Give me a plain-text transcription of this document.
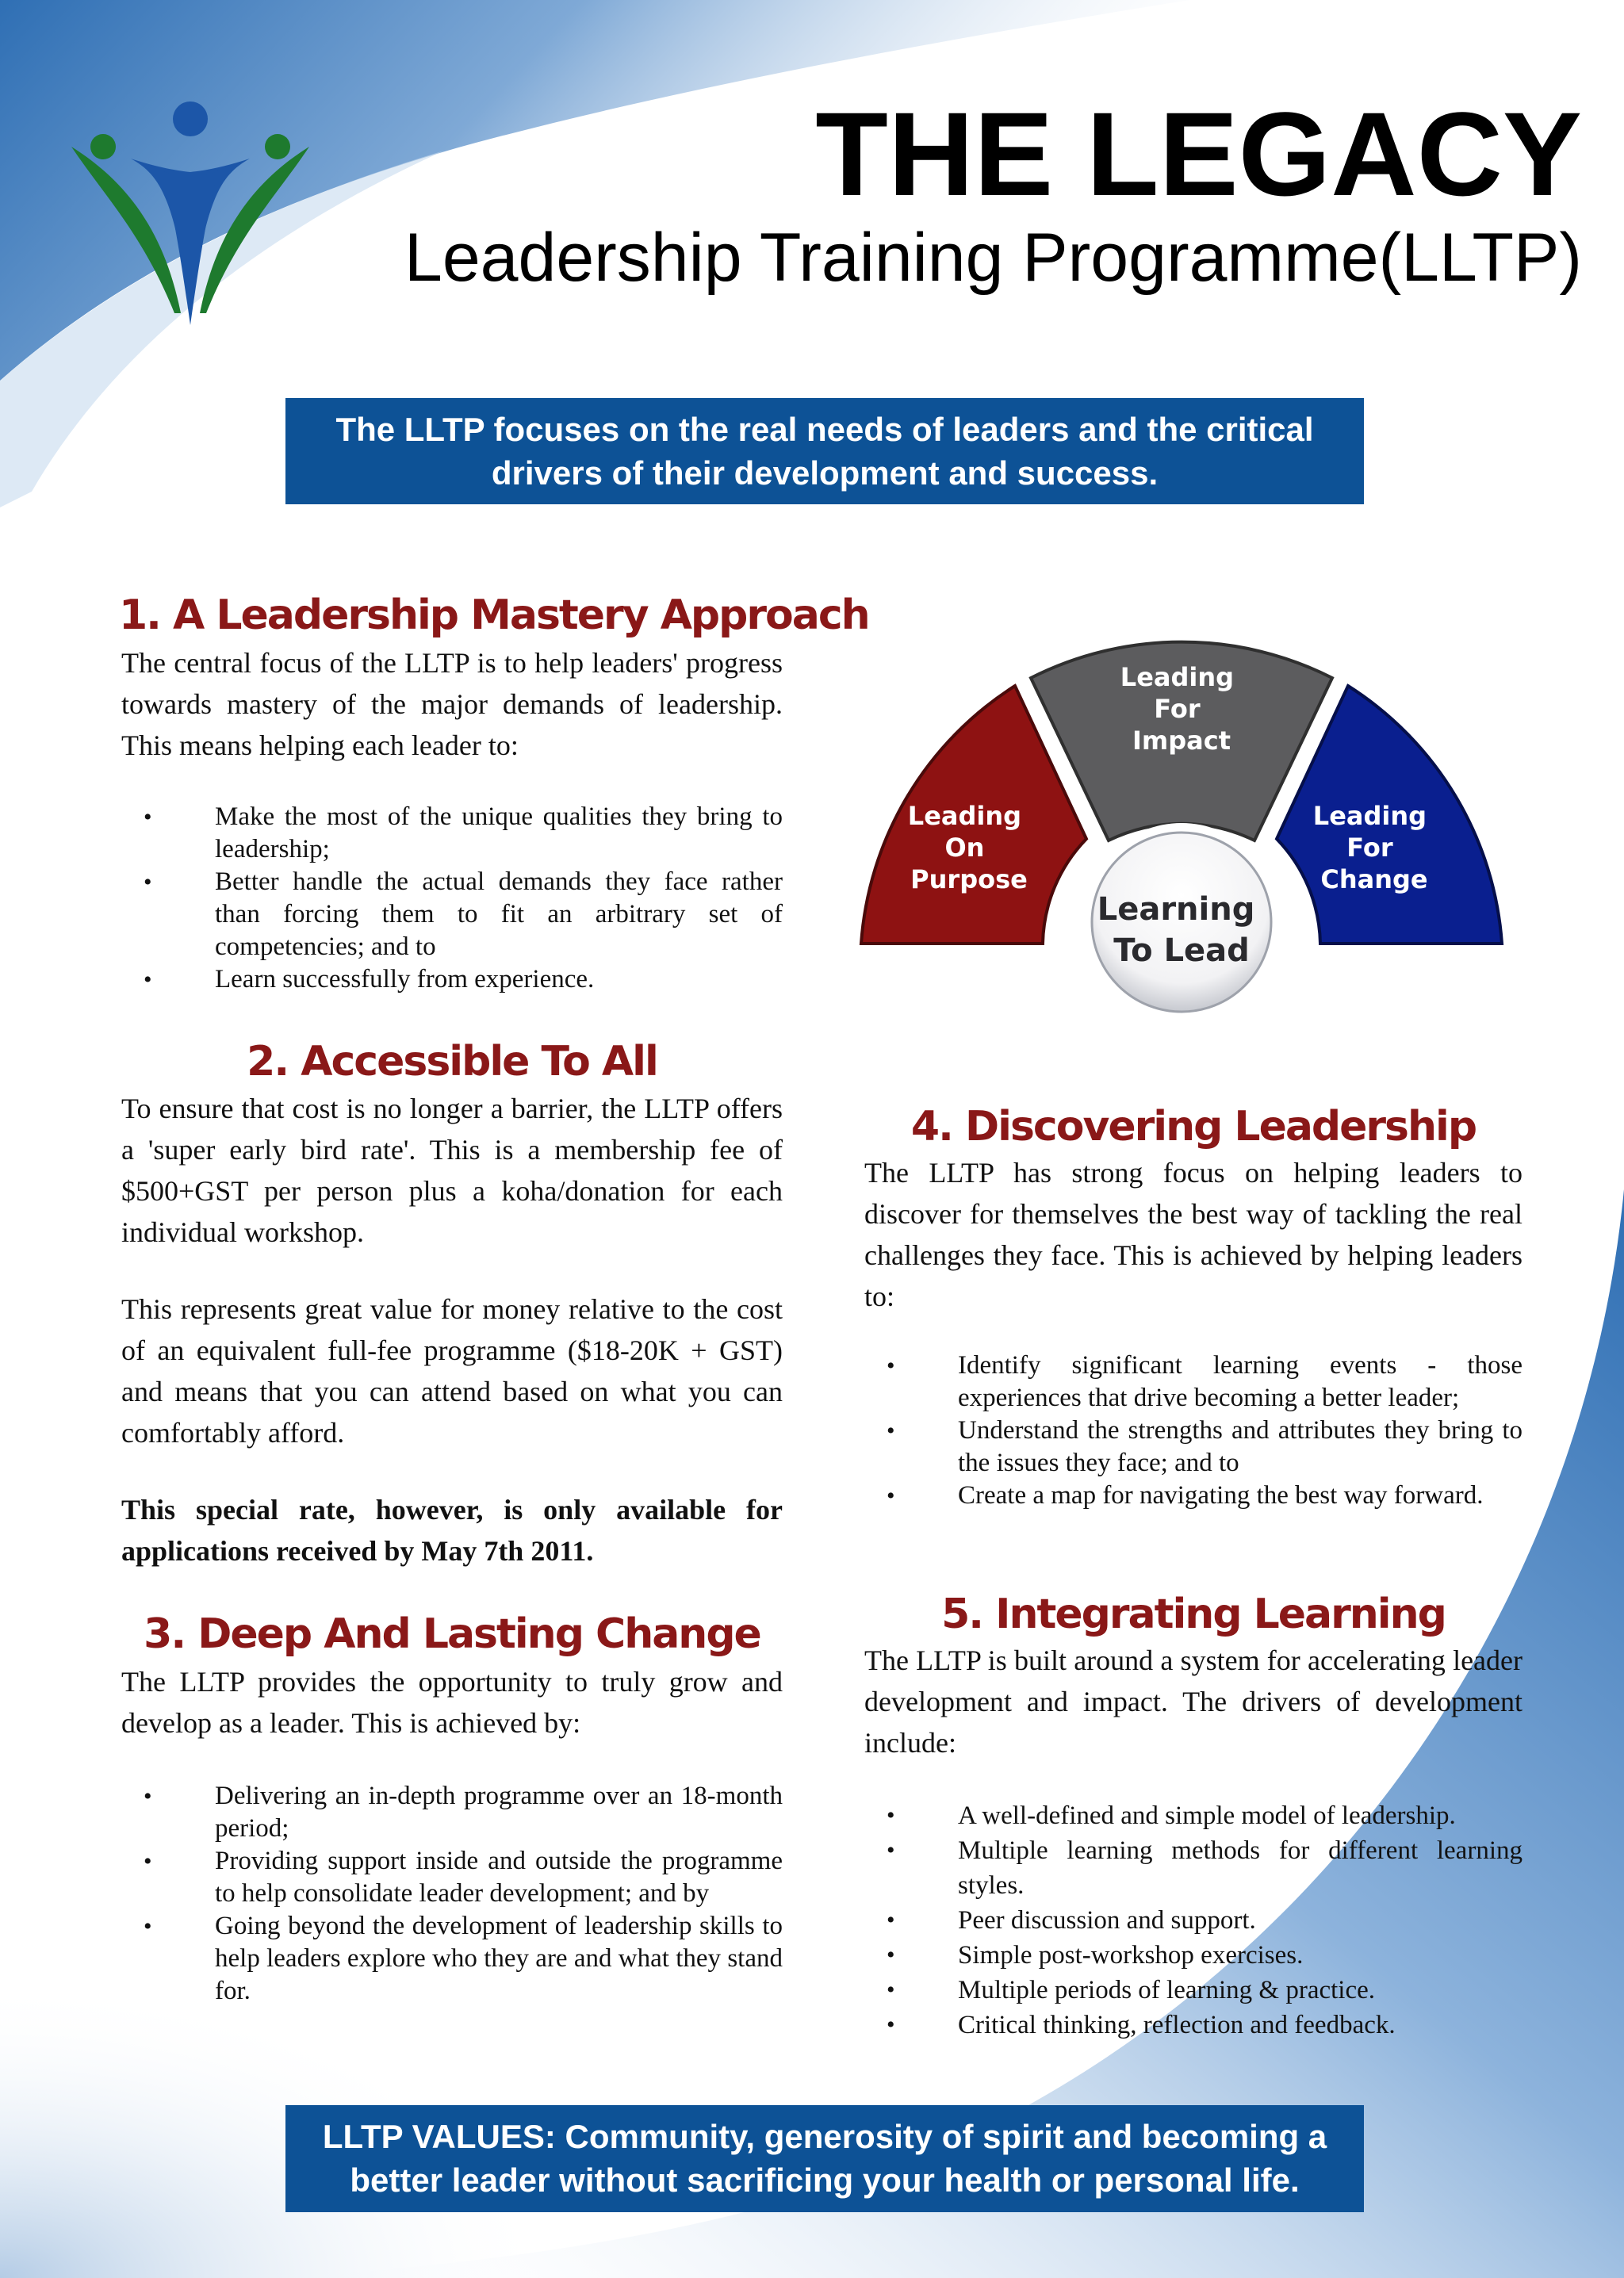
THE LEGACY
Leadership Training Programme(LLTP)
The LLTP focuses on the real needs of leaders and the critical
drivers of their development and success.
1. A Leadership Mastery Approach

The central focus of the LLTP is to help leaders' progress towards mastery of the major demands of leadership. This means helping each leader to:

• Make the most of the unique qualities they bring to leadership;
• Better handle the actual demands they face rather than forcing them to fit an arbitrary set of competencies; and to
• Learn successfully from experience.
2. Accessible To All

To ensure that cost is no longer a barrier, the LLTP offers a 'super early bird rate'. This is a membership fee of $500+GST per person plus a koha/donation for each individual workshop.

This represents great value for money relative to the cost of an equivalent full-fee programme ($18-20K + GST) and means that you can attend based on what you can comfortably afford.

This special rate, however, is only available for applications received by May 7th 2011.

3. Deep And Lasting Change

The LLTP provides the opportunity to truly grow and develop as a leader. This is achieved by:

• Delivering an in-depth programme over an 18-month period;
• Providing support inside and outside the programme to help consolidate leader development; and by
• Going beyond the development of leadership skills to help leaders explore who they are and what they stand for.
Leading On Purpose
Leading For Impact
Leading For Change
Learning To Lead
4. Discovering Leadership

The LLTP has strong focus on helping leaders to discover for themselves the best way of tackling the real challenges they face. This is achieved by helping leaders to:

• Identify significant learning events - those experiences that drive becoming a better leader;
• Understand the strengths and attributes they bring to the issues they face; and to
• Create a map for navigating the best way forward.
5. Integrating Learning

The LLTP is built around a system for accelerating leader development and impact. The drivers of development include:

• A well-defined and simple model of leadership.
• Multiple learning methods for different learning styles.
• Peer discussion and support.
• Simple post-workshop exercises.
• Multiple periods of learning & practice.
• Critical thinking, reflection and feedback.
LLTP VALUES: Community, generosity of spirit and becoming a
better leader without sacrificing your health or personal life.
